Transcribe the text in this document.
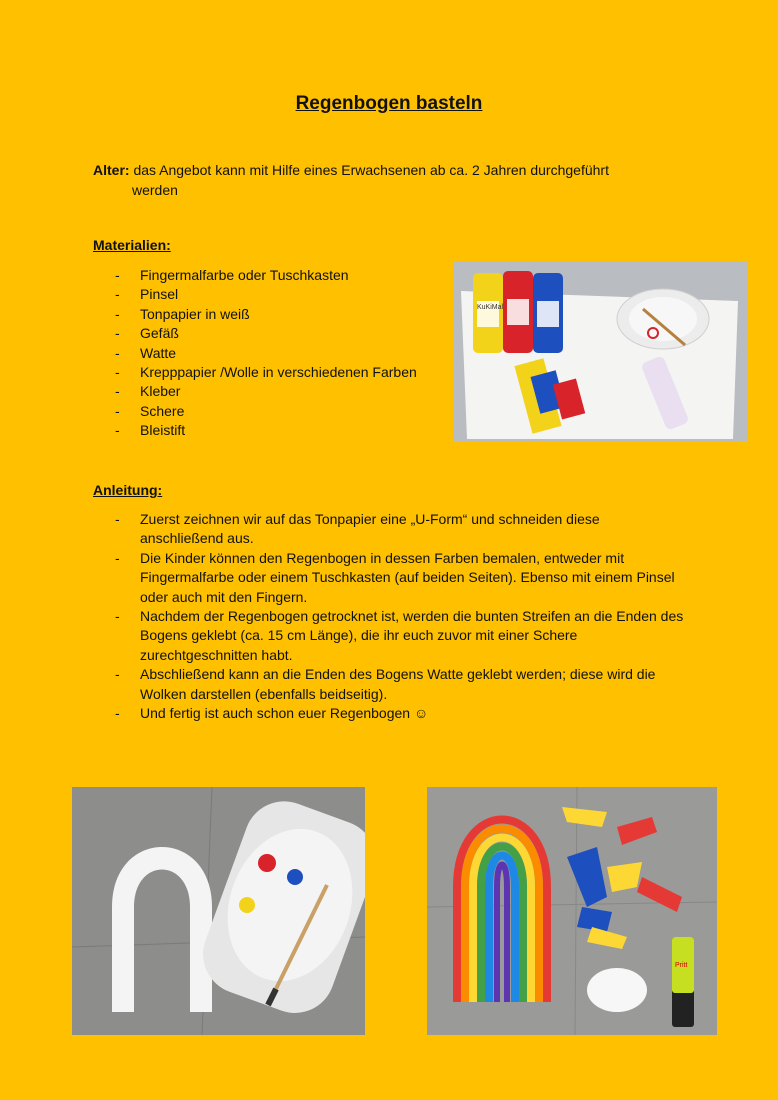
Regenbogen basteln
Alter: das Angebot kann mit Hilfe eines Erwachsenen ab ca. 2 Jahren durchgeführt
werden
Materialien:
- Fingermalfarbe oder Tuschkasten
- Pinsel
- Tonpapier in weiß
- Gefäß
- Watte
- Krepppapier /Wolle in verschiedenen Farben
- Kleber
- Schere
- Bleistift
KuKiMal
Anleitung:
- Zuerst zeichnen wir auf das Tonpapier eine „U-Form“ und schneiden diese anschließend aus.
- Die Kinder können den Regenbogen in dessen Farben bemalen, entweder mit Fingermalfarbe oder einem Tuschkasten (auf beiden Seiten). Ebenso mit einem Pinsel oder auch mit den Fingern.
- Nachdem der Regenbogen getrocknet ist, werden die bunten Streifen an die Enden des Bogens geklebt (ca. 15 cm Länge), die ihr euch zuvor mit einer Schere zurechtgeschnitten habt.
- Abschließend kann an die Enden des Bogens Watte geklebt werden; diese wird die Wolken darstellen (ebenfalls beidseitig).
- Und fertig ist auch schon euer Regenbogen ☺
Pritt
